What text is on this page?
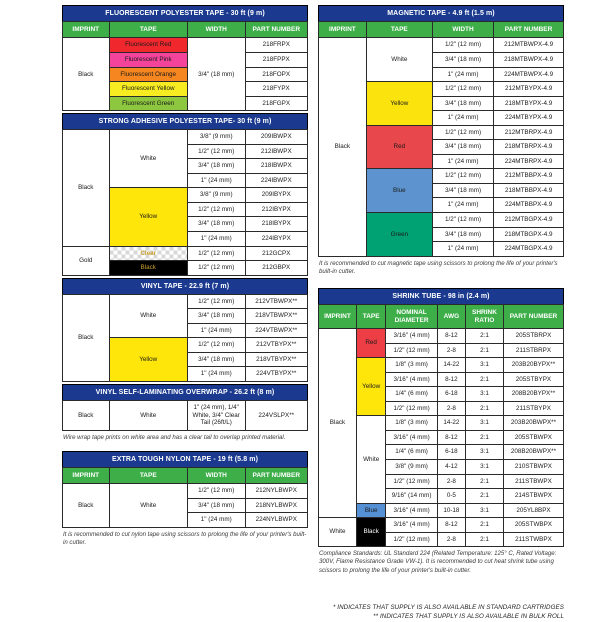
FLUORESCENT POLYESTER TAPE - 30 ft (9 m)
IMPRINT	TAPE	WIDTH	PART NUMBER
Black	Fluorescent Red	3/4" (18 mm)	218FRPX
	Fluorescent Pink		218FPPX
	Fluorescent Orange		218FOPX
	Fluorescent Yellow		218FYPX
	Fluorescent Green		218FGPX
STRONG ADHESIVE POLYESTER TAPE- 30 ft (9 m)
Black	White	3/8" (9 mm)	209IBWPX
		1/2" (12 mm)	212IBWPX
		3/4" (18 mm)	218IBWPX
		1" (24 mm)	224IBWPX
	Yellow	3/8" (9 mm)	209IBYPX
		1/2" (12 mm)	212IBYPX
		3/4" (18 mm)	218IBYPX
		1" (24 mm)	224IBYPX
Gold	Clear	1/2" (12 mm)	212GCPX
	Black	1/2" (12 mm)	212GBPX
VINYL TAPE - 22.9 ft (7 m)
Black	White	1/2" (12 mm)	212VTBWPX**
		3/4" (18 mm)	218VTBWPX**
		1" (24 mm)	224VTBWPX**
	Yellow	1/2" (12 mm)	212VTBYPX**
		3/4" (18 mm)	218VTBYPX**
		1" (24 mm)	224VTBYPX**
VINYL SELF-LAMINATING OVERWRAP - 26.2 ft (8 m)
Black	White	1" (24 mm), 1/4" White, 3/4" Clear Tail (26ft/L)	224VSLPX**
Wire wrap tape prints on white area and has a clear tail to overlap printed material.
EXTRA TOUGH NYLON TAPE - 19 ft (5.8 m)
IMPRINT	TAPE	WIDTH	PART NUMBER
Black	White	1/2" (12 mm)	212NYLBWPX
		3/4" (18 mm)	218NYLBWPX
		1" (24 mm)	224NYLBWPX
It is recommended to cut nylon tape using scissors to prolong the life of your printer's built-in cutter.
MAGNETIC TAPE - 4.9 ft (1.5 m)
IMPRINT	TAPE	WIDTH	PART NUMBER
Black	White	1/2" (12 mm)	212MTBWPX-4.9
		3/4" (18 mm)	218MTBWPX-4.9
		1" (24 mm)	224MTBWPX-4.9
	Yellow	1/2" (12 mm)	212MTBYPX-4.9
		3/4" (18 mm)	218MTBYPX-4.9
		1" (24 mm)	224MTBYPX-4.9
	Red	1/2" (12 mm)	212MTBRPX-4.9
		3/4" (18 mm)	218MTBRPX-4.9
		1" (24 mm)	224MTBRPX-4.9
	Blue	1/2" (12 mm)	212MTBBPX-4.9
		3/4" (18 mm)	218MTBBPX-4.9
		1" (24 mm)	224MTBBPX-4.9
	Green	1/2" (12 mm)	212MTBGPX-4.9
		3/4" (18 mm)	218MTBGPX-4.9
		1" (24 mm)	224MTBGPX-4.9
It is recommended to cut magnetic tape using scissors to prolong the life of your printer's built-in cutter.
SHRINK TUBE - 98 in (2.4 m)
IMPRINT	TAPE	NOMINAL DIAMETER	AWG	SHRINK RATIO	PART NUMBER
Black	Red	3/16" (4 mm)	8-12	2:1	205STBRPX
		1/2" (12 mm)	2-8	2:1	211STBRPX
	Yellow	1/8" (3 mm)	14-22	3:1	203B20BYPX**
		3/16" (4 mm)	8-12	2:1	205STBYPX
		1/4" (6 mm)	6-18	3:1	208B20BYPX**
		1/2" (12 mm)	2-8	2:1	211STBYPX
	White	1/8" (3 mm)	14-22	3:1	203B20BWPX**
		3/16" (4 mm)	8-12	2:1	205STBWPX
		1/4" (6 mm)	6-18	3:1	208B20BWPX**
		3/8" (9 mm)	4-12	3:1	210STBWPX
		1/2" (12 mm)	2-8	2:1	211STBWPX
		9/16" (14 mm)	0-5	2:1	214STBWPX
	Blue	3/16" (4 mm)	10-18	3:1	205YL8BPX
White	Black	3/16" (4 mm)	8-12	2:1	205STWBPX
		1/2" (12 mm)	2-8	2:1	211STWBPX
Compliance Standards: UL Standard 224 (Related Temperature: 125° C, Rated Voltage: 300V, Flame Resistance Grade VW-1). It is recommended to cut heat shrink tube using scissors to prolong the life of your printer's built-in cutter.
* INDICATES THAT SUPPLY IS ALSO AVAILABLE IN STANDARD CARTRIDGES
** INDICATES THAT SUPPLY IS ALSO AVAILABLE IN BULK ROLL
